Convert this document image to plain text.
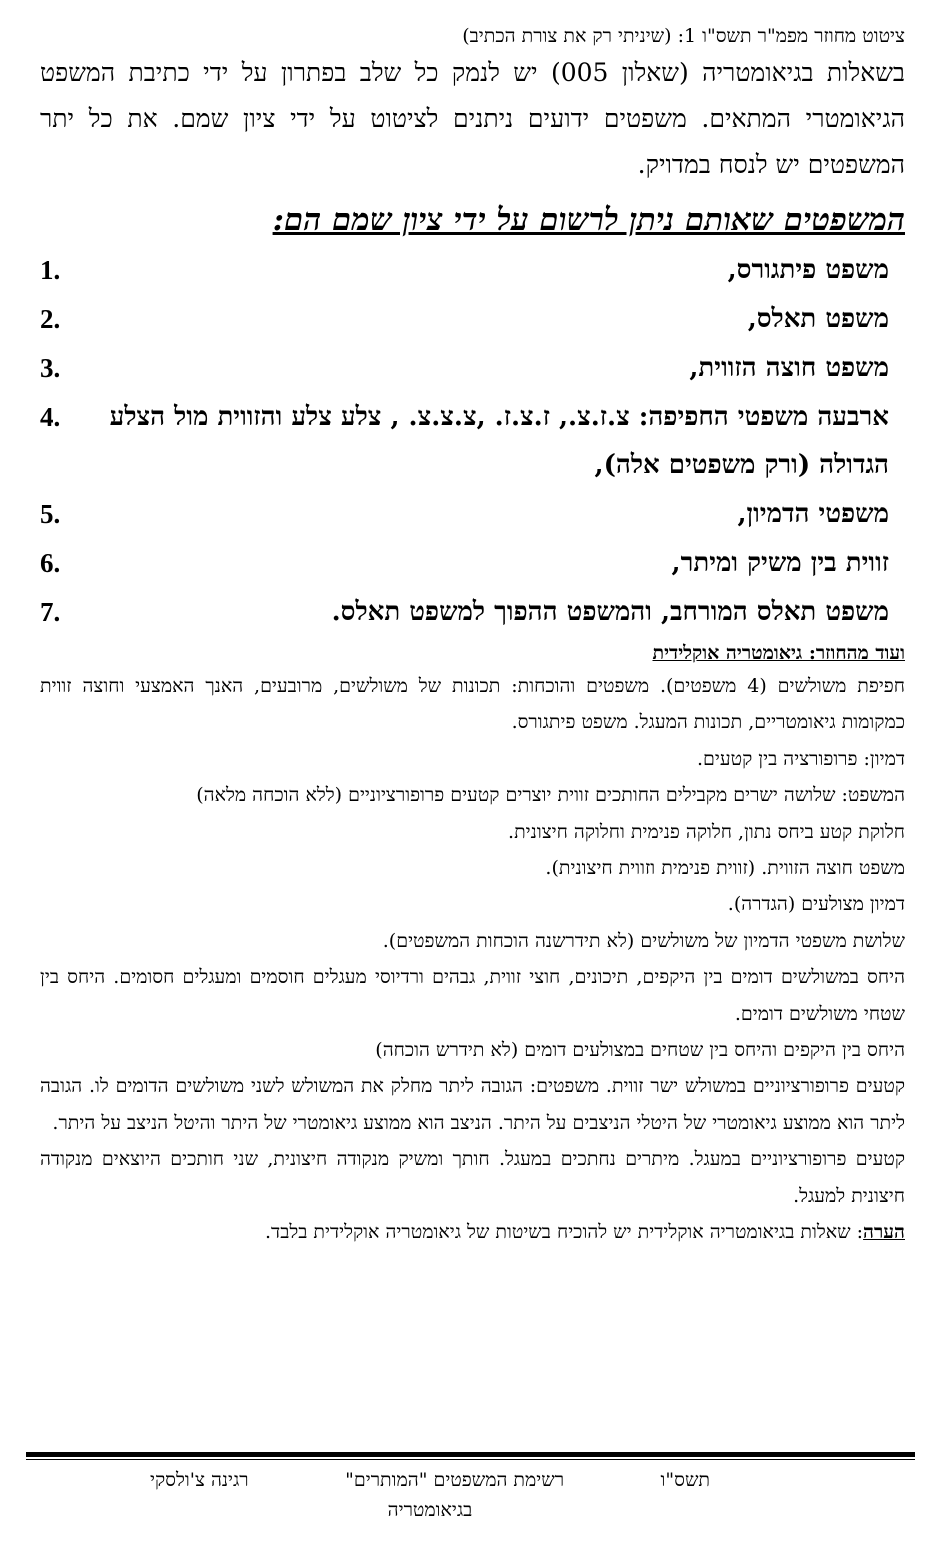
ציטוט מחוזר מפמ"ר תשס"ו 1: (שיניתי רק את צורת הכתיב)
בשאלות בגיאומטריה (שאלון 005) יש לנמק כל שלב בפתרון על ידי כתיבת המשפט הגיאומטרי המתאים. משפטים ידועים ניתנים לציטוט על ידי ציון שמם. את כל יתר המשפטים יש לנסח במדויק.
המשפטים שאותם ניתן לרשום על ידי ציון שמם הם:
משפט פיתגורס,
1.
משפט תאלס,
2.
משפט חוצה הזווית,
3.
ארבעה משפטי החפיפה: צ.ז.צ., ז.צ.ז. ,צ.צ.צ. , צלע צלע והזווית מול הצלע הגדולה (ורק משפטים אלה),
4.
משפטי הדמיון,
5.
זווית בין משיק ומיתר,
6.
משפט תאלס המורחב, והמשפט ההפוך למשפט תאלס.
7.
ועוד מהחוזר: גיאומטריה אוקלידית

חפיפת משולשים (4 משפטים). משפטים והוכחות: תכונות של משולשים, מרובעים, האנך האמצעי וחוצה זווית כמקומות גיאומטריים, תכונות המעגל. משפט פיתגורס.

דמיון: פרופורציה בין קטעים.

המשפט: שלושה ישרים מקבילים החותכים זווית יוצרים קטעים פרופורציוניים (ללא הוכחה מלאה)

חלוקת קטע ביחס נתון, חלוקה פנימית וחלוקה חיצונית.

משפט חוצה הזווית. (זווית פנימית וזווית חיצונית).

דמיון מצולעים (הגדרה).

שלושת משפטי הדמיון של משולשים (לא תידרשנה הוכחות המשפטים).

היחס במשולשים דומים בין היקפים, תיכונים, חוצי זווית, גבהים ורדיוסי מעגלים חוסמים ומעגלים חסומים. היחס בין שטחי משולשים דומים.

היחס בין היקפים והיחס בין שטחים במצולעים דומים (לא תידרש הוכחה)

קטעים פרופורציוניים במשולש ישר זווית. משפטים: הגובה ליתר מחלק את המשולש לשני משולשים הדומים לו. הגובה ליתר הוא ממוצע גיאומטרי של היטלי הניצבים על היתר. הניצב הוא ממוצע גיאומטרי של היתר והיטל הניצב על היתר.

קטעים פרופורציוניים במעגל. מיתרים נחתכים במעגל. חותך ומשיק מנקודה חיצונית, שני חותכים היוצאים מנקודה חיצונית למעגל.

הערה: שאלות בגיאומטריה אוקלידית יש להוכיח בשיטות של גיאומטריה אוקלידית בלבד.

תשס"ו
רשימת המשפטים "המותרים"
רגינה צ'ולסקי
בגיאומטריה
